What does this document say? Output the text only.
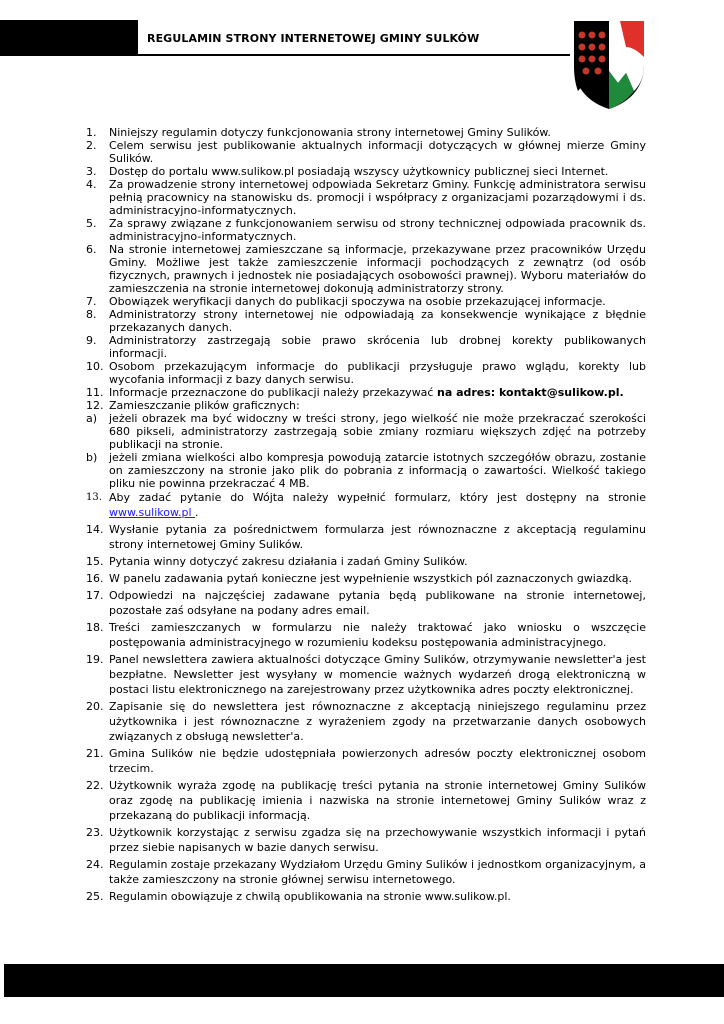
REGULAMIN STRONY INTERNETOWEJ GMINY SULKÓW
1.	Niniejszy regulamin dotyczy funkcjonowania strony internetowej Gminy Sulików.
2.	Celem serwisu jest publikowanie aktualnych informacji dotyczących w głównej mierze Gminy Sulików.
3.	Dostęp do portalu www.sulikow.pl posiadają wszyscy użytkownicy publicznej sieci Internet.
4.	Za prowadzenie strony internetowej odpowiada Sekretarz Gminy. Funkcję administratora serwisu pełnią pracownicy na stanowisku ds. promocji i współpracy z organizacjami pozarządowymi i ds. administracyjno-informatycznych.
5.	Za sprawy związane z funkcjonowaniem serwisu od strony technicznej odpowiada pracownik ds. administracyjno-informatycznych.
6.	Na stronie internetowej zamieszczane są informacje, przekazywane przez pracowników Urzędu Gminy. Możliwe jest także zamieszczenie informacji pochodzących z zewnątrz (od osób fizycznych, prawnych i jednostek nie posiadających osobowości prawnej). Wyboru materiałów do zamieszczenia na stronie internetowej dokonują administratorzy strony.
7.	Obowiązek weryfikacji danych do publikacji spoczywa na osobie przekazującej informacje.
8.	Administratorzy strony internetowej nie odpowiadają za konsekwencje wynikające z błędnie przekazanych danych.
9.	Administratorzy zastrzegają sobie prawo skrócenia lub drobnej korekty publikowanych informacji.
10. Osobom przekazującym informacje do publikacji przysługuje prawo wglądu, korekty lub wycofania informacji z bazy danych serwisu.
11. Informacje przeznaczone do publikacji należy przekazywać na adres: kontakt@sulikow.pl.
12. Zamieszczanie plików graficznych:
a)	jeżeli obrazek ma być widoczny w treści strony, jego wielkość nie może przekraczać szerokości 680 pikseli, administratorzy zastrzegają sobie zmiany rozmiaru większych zdjęć na potrzeby publikacji na stronie.
b)	jeżeli zmiana wielkości albo kompresja powodują zatarcie istotnych szczegółów obrazu, zostanie on zamieszczony na stronie jako plik do pobrania z informacją o zawartości. Wielkość takiego pliku nie powinna przekraczać 4 MB.
13. Aby zadać pytanie do Wójta należy wypełnić formularz, który jest dostępny na stronie www.sulikow.pl .
14. Wysłanie pytania za pośrednictwem formularza jest równoznaczne z akceptacją regulaminu strony internetowej Gminy Sulików.
15. Pytania winny dotyczyć zakresu działania i zadań Gminy Sulików.
16. W panelu zadawania pytań konieczne jest wypełnienie wszystkich pól zaznaczonych gwiazdką.
17. Odpowiedzi na najczęściej zadawane pytania będą publikowane na stronie internetowej, pozostałe zaś odsyłane na podany adres email.
18. Treści zamieszczanych w formularzu nie należy traktować jako wniosku o wszczęcie postępowania administracyjnego w rozumieniu kodeksu postępowania administracyjnego.
19. Panel newslettera zawiera aktualności dotyczące Gminy Sulików, otrzymywanie newsletter'a jest bezpłatne. Newsletter jest wysyłany w momencie ważnych wydarzeń drogą elektroniczną w postaci listu elektronicznego na zarejestrowany przez użytkownika adres poczty elektronicznej.
20. Zapisanie się do newslettera jest równoznaczne z akceptacją niniejszego regulaminu przez użytkownika i jest równoznaczne z wyrażeniem zgody na przetwarzanie danych osobowych związanych z obsługą newsletter'a.
21. Gmina Sulików nie będzie udostępniała powierzonych adresów poczty elektronicznej osobom trzecim.
22. Użytkownik wyraża zgodę na publikację treści pytania na stronie internetowej Gminy Sulików oraz zgodę na publikację imienia i nazwiska na stronie internetowej Gminy Sulików wraz z przekazaną do publikacji informacją.
23. Użytkownik korzystając z serwisu zgadza się na przechowywanie wszystkich informacji i pytań przez siebie napisanych w bazie danych serwisu.
24. Regulamin zostaje przekazany Wydziałom Urzędu Gminy Sulików i jednostkom organizacyjnym, a także zamieszczony na stronie głównej serwisu internetowego.
25. Regulamin obowiązuje z chwilą opublikowania na stronie www.sulikow.pl.
